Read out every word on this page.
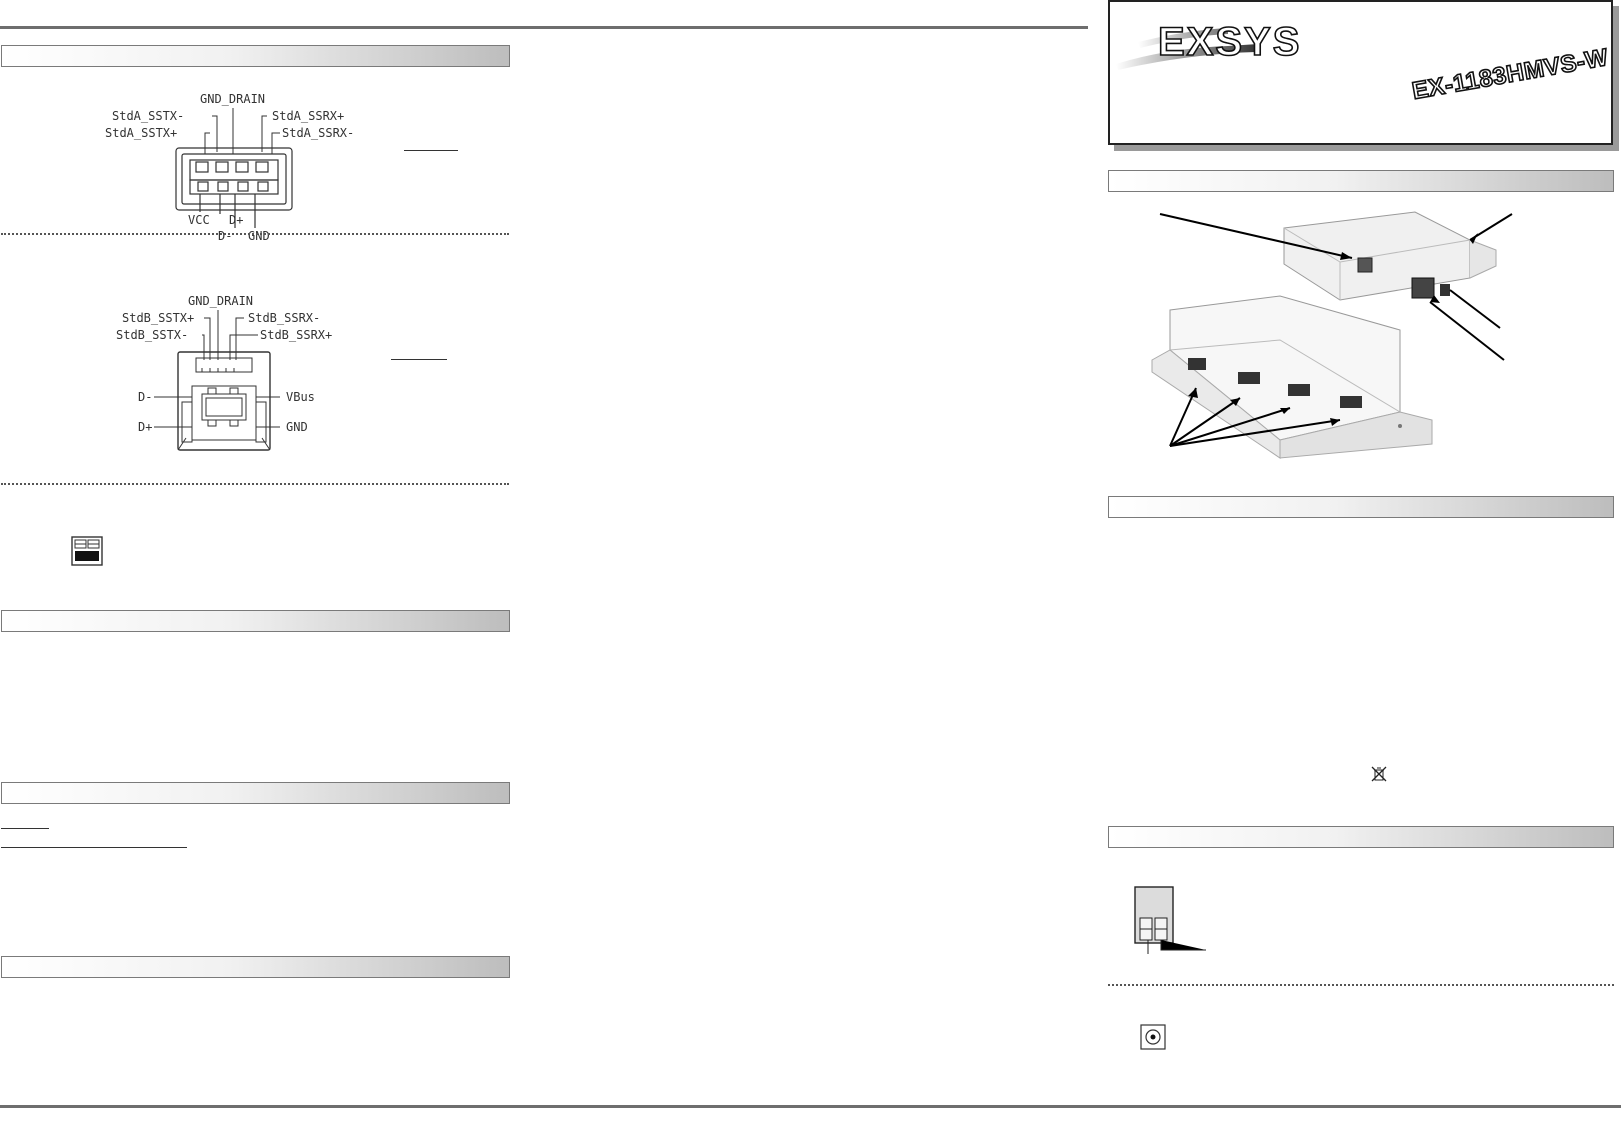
GND_DRAIN
StdA_SSTX-
StdA_SSTX+
StdA_SSRX+
StdA_SSRX-
VCC D+
D- GND
GND_DRAIN
StdB_SSTX+
StdB_SSTX-
StdB_SSRX-
StdB_SSRX+
D-
D+
VBus
GND
EXSYS
EX-1183HMVS-W
